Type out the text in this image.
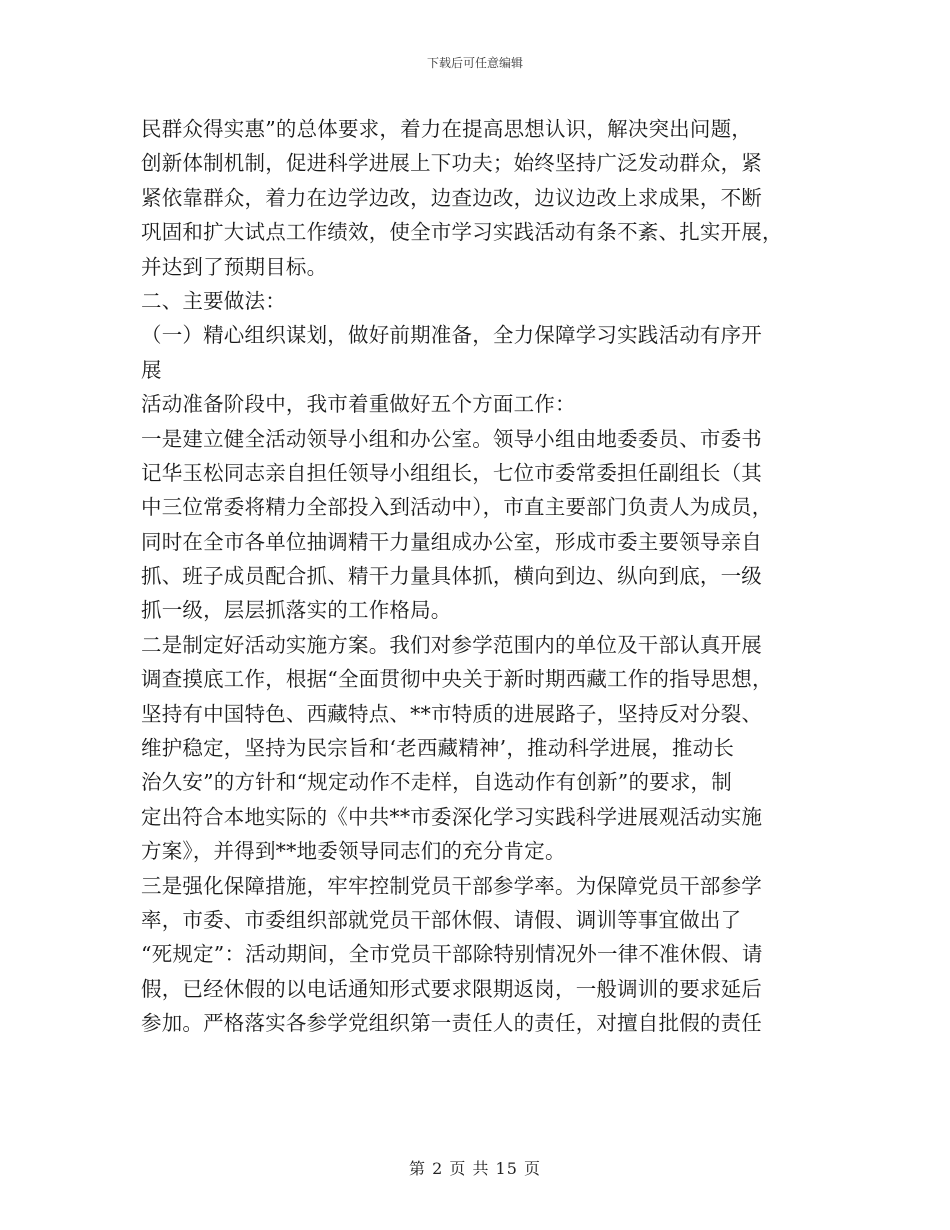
下载后可任意编辑
民群众得实惠”的总体要求，着力在提高思想认识，解决突出问题，
创新体制机制，促进科学进展上下功夫；始终坚持广泛发动群众，紧
紧依靠群众，着力在边学边改，边查边改，边议边改上求成果，不断
巩固和扩大试点工作绩效，使全市学习实践活动有条不紊、扎实开展，
并达到了预期目标。
二、主要做法：
（一）精心组织谋划，做好前期准备，全力保障学习实践活动有序开
展
活动准备阶段中，我市着重做好五个方面工作：
一是建立健全活动领导小组和办公室。领导小组由地委委员、市委书
记华玉松同志亲自担任领导小组组长，七位市委常委担任副组长（其
中三位常委将精力全部投入到活动中），市直主要部门负责人为成员，
同时在全市各单位抽调精干力量组成办公室，形成市委主要领导亲自
抓、班子成员配合抓、精干力量具体抓，横向到边、纵向到底，一级
抓一级，层层抓落实的工作格局。
二是制定好活动实施方案。我们对参学范围内的单位及干部认真开展
调查摸底工作，根据“全面贯彻中央关于新时期西藏工作的指导思想，
坚持有中国特色、西藏特点、**市特质的进展路子，坚持反对分裂、
维护稳定，坚持为民宗旨和‘老西藏精神’，推动科学进展，推动长
治久安”的方针和“规定动作不走样，自选动作有创新”的要求，制
定出符合本地实际的《中共**市委深化学习实践科学进展观活动实施
方案》，并得到**地委领导同志们的充分肯定。
三是强化保障措施，牢牢控制党员干部参学率。为保障党员干部参学
率，市委、市委组织部就党员干部休假、请假、调训等事宜做出了
“死规定”：活动期间，全市党员干部除特别情况外一律不准休假、请
假，已经休假的以电话通知形式要求限期返岗，一般调训的要求延后
参加。严格落实各参学党组织第一责任人的责任，对擅自批假的责任
第 2 页 共 15 页
